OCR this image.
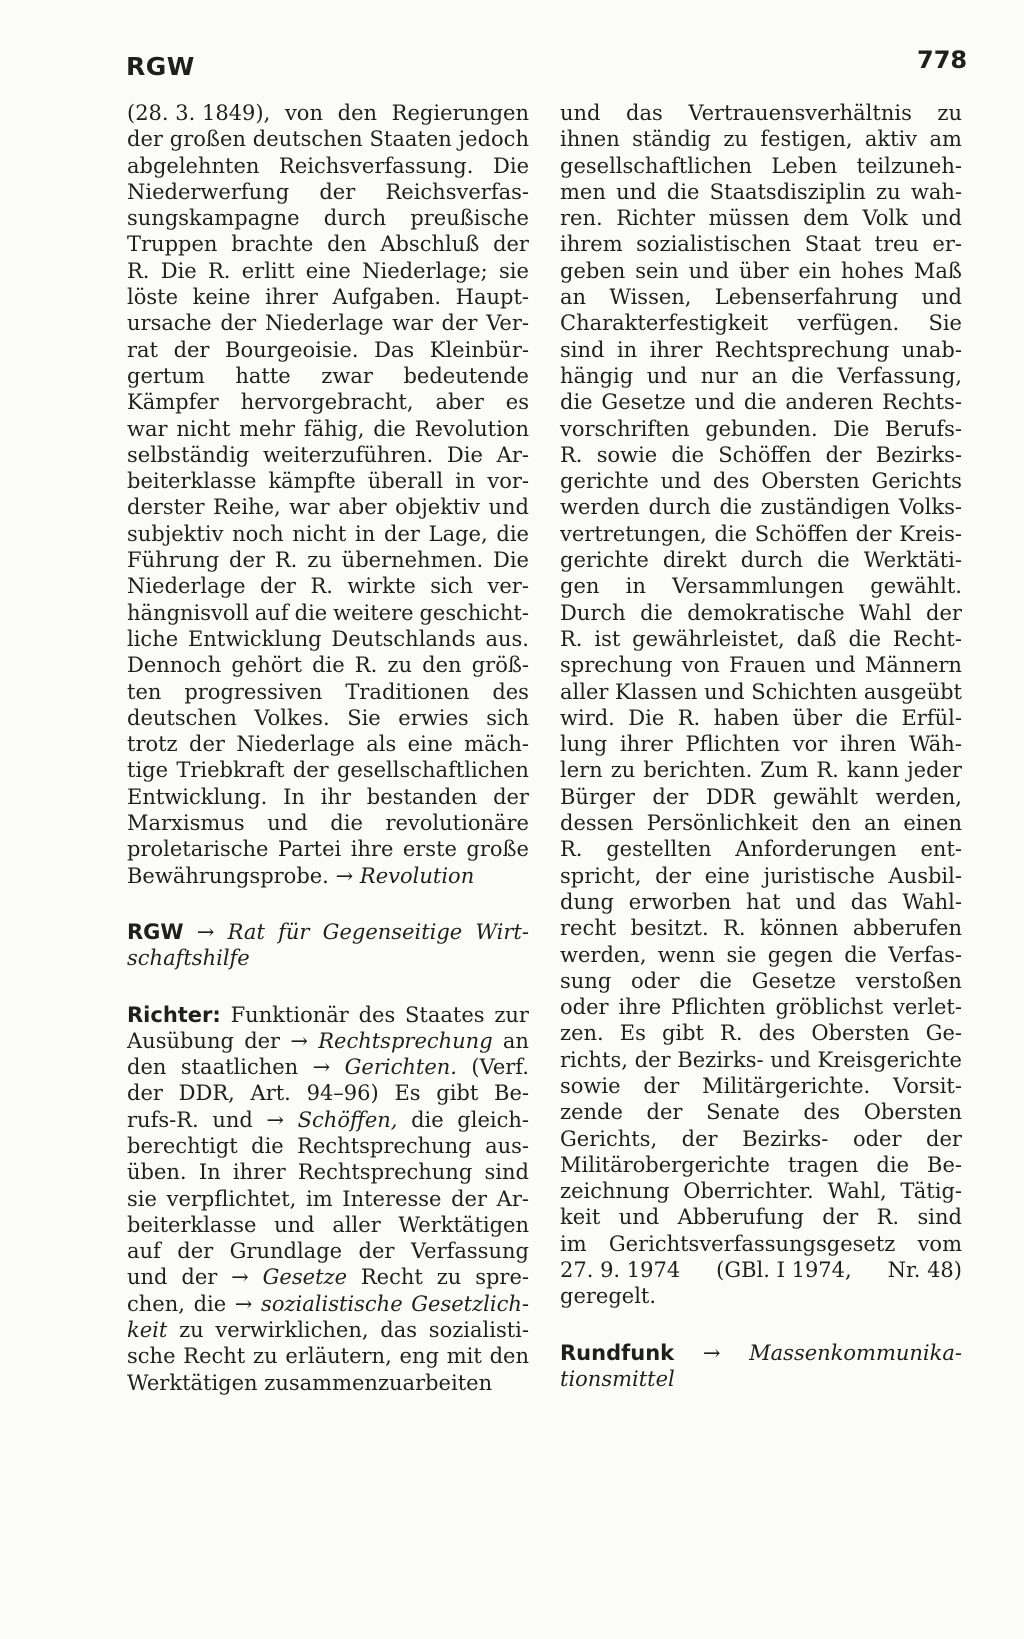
RGW	778
(28. 3. 1849), von den Regierungen
der großen deutschen Staaten jedoch
abgelehnten Reichsverfassung. Die
Niederwerfung der Reichsverfas-
sungskampagne durch preußische
Truppen brachte den Abschluß der
R. Die R. erlitt eine Niederlage; sie
löste keine ihrer Aufgaben. Haupt-
ursache der Niederlage war der Ver-
rat der Bourgeoisie. Das Kleinbür-
gertum hatte zwar bedeutende
Kämpfer hervorgebracht, aber es
war nicht mehr fähig, die Revolution
selbständig weiterzuführen. Die Ar-
beiterklasse kämpfte überall in vor-
derster Reihe, war aber objektiv und
subjektiv noch nicht in der Lage, die
Führung der R. zu übernehmen. Die
Niederlage der R. wirkte sich ver-
hängnisvoll auf die weitere geschicht-
liche Entwicklung Deutschlands aus.
Dennoch gehört die R. zu den größ-
ten progressiven Traditionen des
deutschen Volkes. Sie erwies sich
trotz der Niederlage als eine mäch-
tige Triebkraft der gesellschaftlichen
Entwicklung. In ihr bestanden der
Marxismus und die revolutionäre
proletarische Partei ihre erste große
Bewährungsprobe. → Revolution
RGW → Rat für Gegenseitige Wirt-
schaftshilfe
Richter: Funktionär des Staates zur
Ausübung der → Rechtsprechung an
den staatlichen → Gerichten. (Verf.
der DDR, Art. 94–96) Es gibt Be-
rufs-R. und → Schöffen, die gleich-
berechtigt die Rechtsprechung aus-
üben. In ihrer Rechtsprechung sind
sie verpflichtet, im Interesse der Ar-
beiterklasse und aller Werktätigen
auf der Grundlage der Verfassung
und der → Gesetze Recht zu spre-
chen, die → sozialistische Gesetzlich-
keit zu verwirklichen, das sozialisti-
sche Recht zu erläutern, eng mit den
Werktätigen zusammenzuarbeiten
und das Vertrauensverhältnis zu
ihnen ständig zu festigen, aktiv am
gesellschaftlichen Leben teilzuneh-
men und die Staatsdisziplin zu wah-
ren. Richter müssen dem Volk und
ihrem sozialistischen Staat treu er-
geben sein und über ein hohes Maß
an Wissen, Lebenserfahrung und
Charakterfestigkeit verfügen. Sie
sind in ihrer Rechtsprechung unab-
hängig und nur an die Verfassung,
die Gesetze und die anderen Rechts-
vorschriften gebunden. Die Berufs-
R. sowie die Schöffen der Bezirks-
gerichte und des Obersten Gerichts
werden durch die zuständigen Volks-
vertretungen, die Schöffen der Kreis-
gerichte direkt durch die Werktäti-
gen in Versammlungen gewählt.
Durch die demokratische Wahl der
R. ist gewährleistet, daß die Recht-
sprechung von Frauen und Männern
aller Klassen und Schichten ausgeübt
wird. Die R. haben über die Erfül-
lung ihrer Pflichten vor ihren Wäh-
lern zu berichten. Zum R. kann jeder
Bürger der DDR gewählt werden,
dessen Persönlichkeit den an einen
R. gestellten Anforderungen ent-
spricht, der eine juristische Ausbil-
dung erworben hat und das Wahl-
recht besitzt. R. können abberufen
werden, wenn sie gegen die Verfas-
sung oder die Gesetze verstoßen
oder ihre Pflichten gröblichst verlet-
zen. Es gibt R. des Obersten Ge-
richts, der Bezirks- und Kreisgerichte
sowie der Militärgerichte. Vorsit-
zende der Senate des Obersten
Gerichts, der Bezirks- oder der
Militärobergerichte tragen die Be-
zeichnung Oberrichter. Wahl, Tätig-
keit und Abberufung der R. sind
im Gerichtsverfassungsgesetz vom
27. 9. 1974 (GBl. I 1974, Nr. 48)
geregelt.
Rundfunk → Massenkommunika-
tionsmittel
